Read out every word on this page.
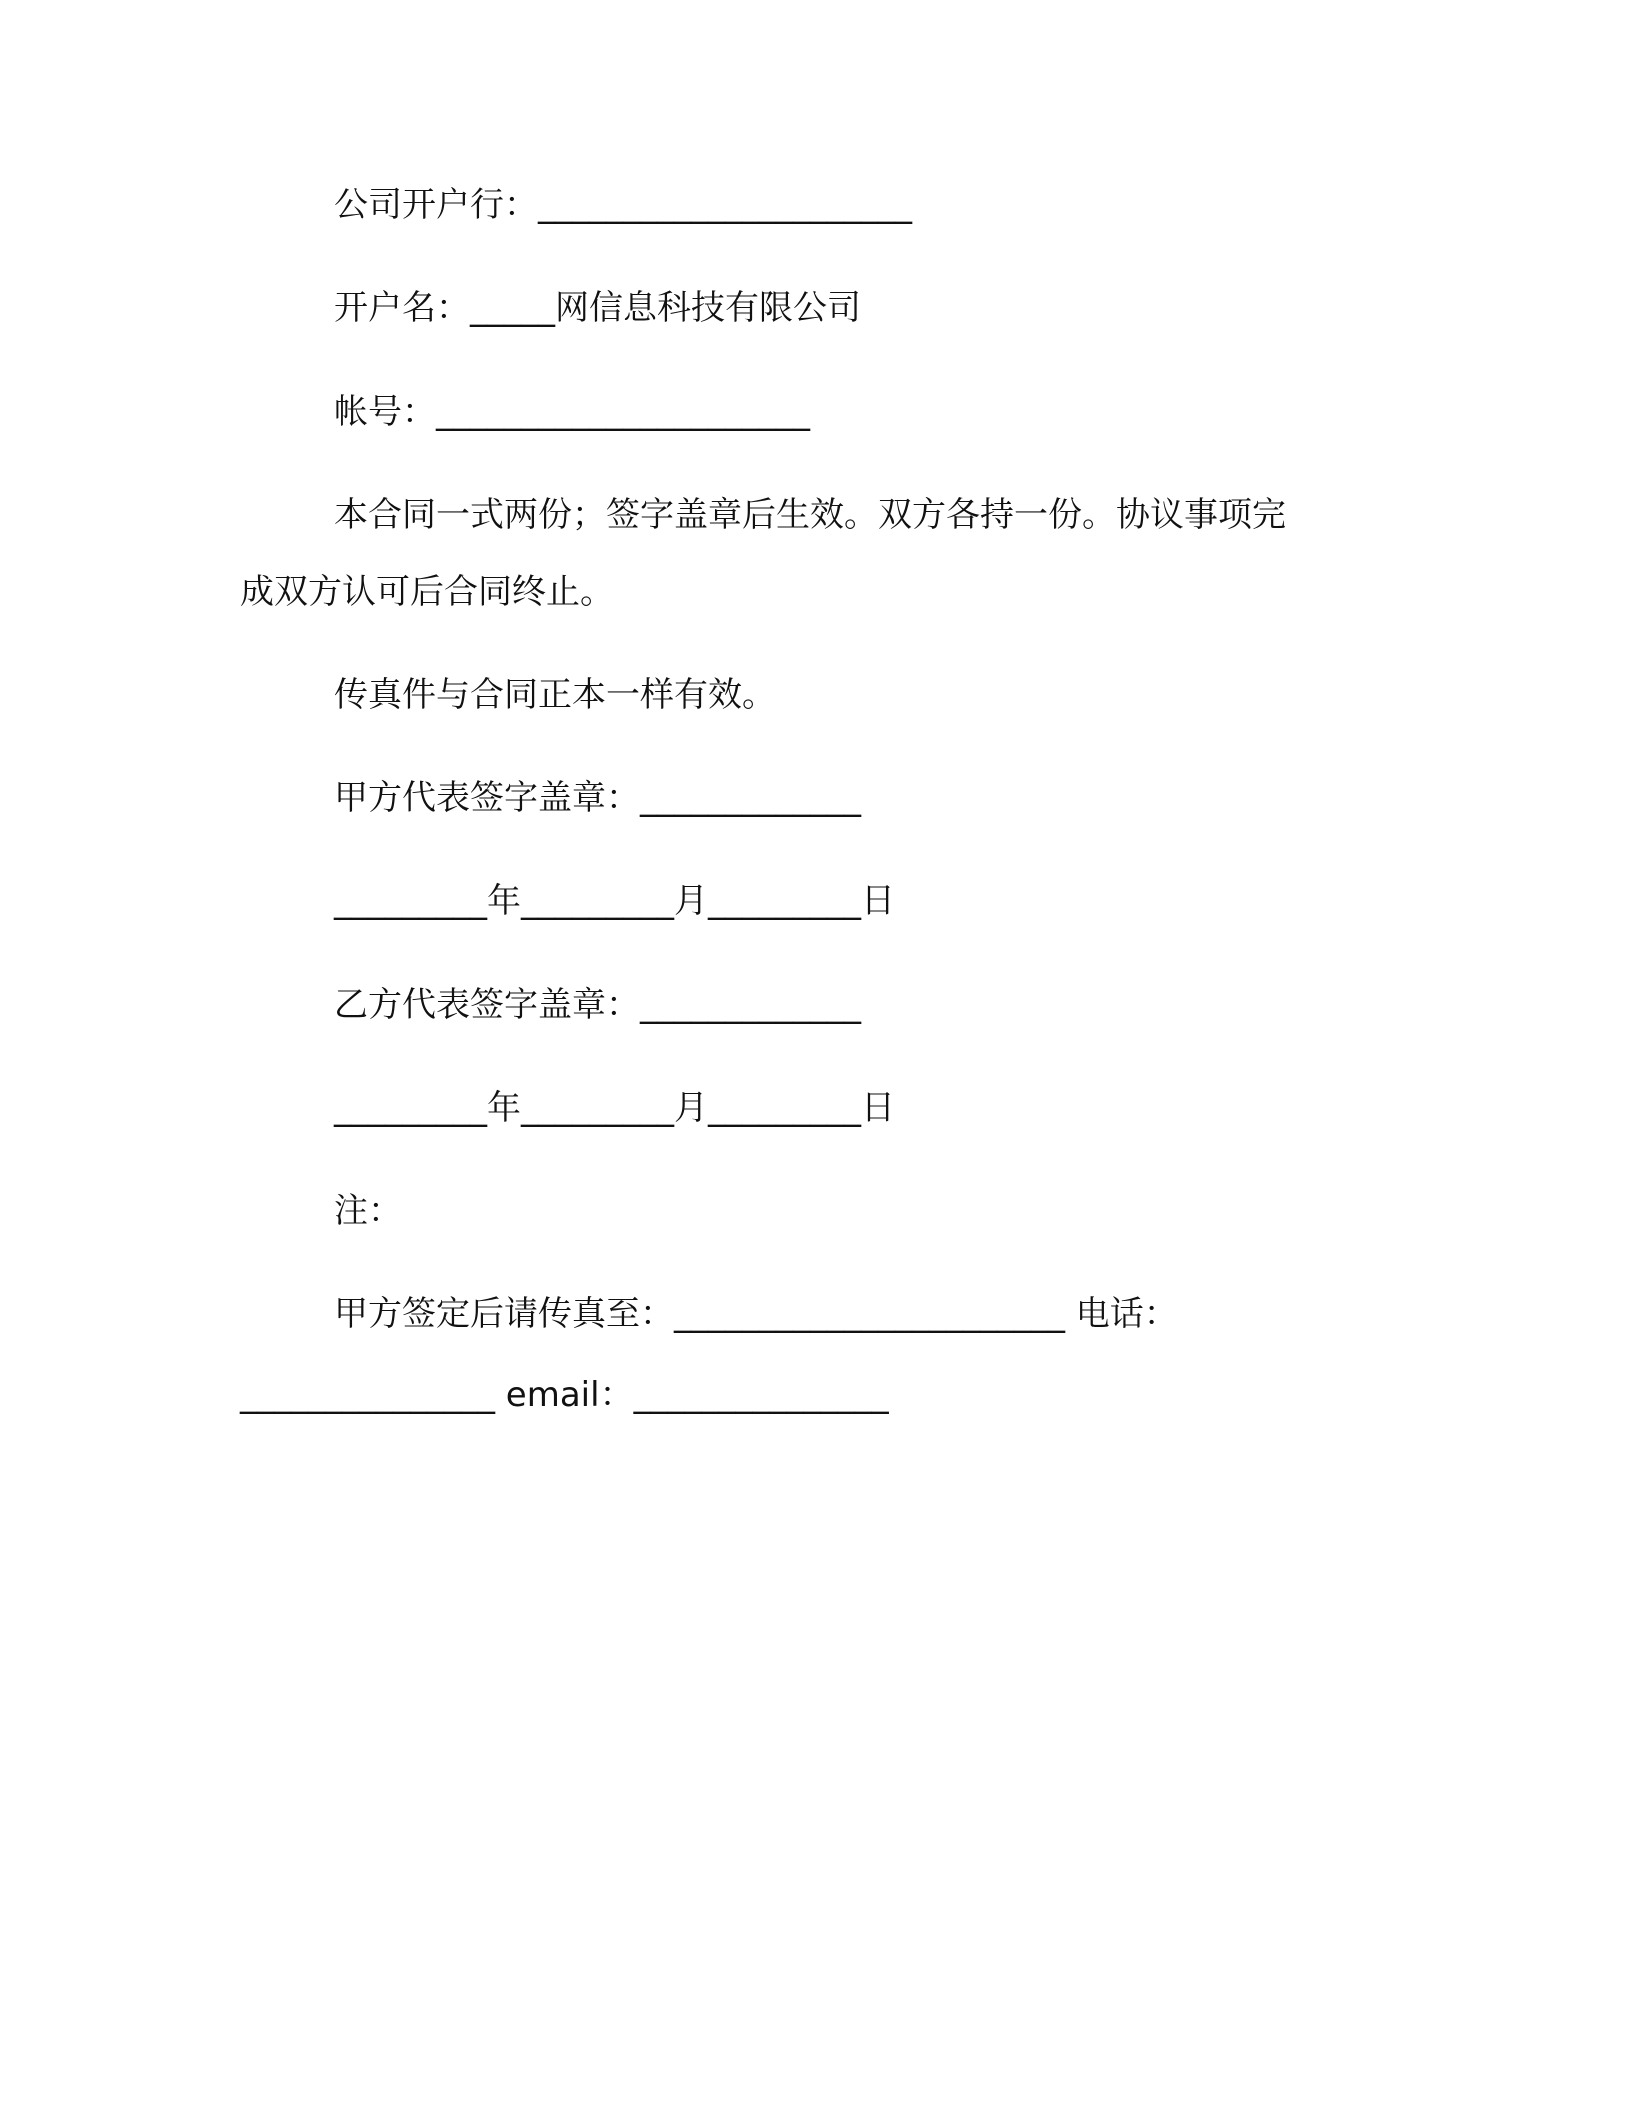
公司开户行：______________________
开户名：_____网信息科技有限公司
帐号：______________________
本合同一式两份；签字盖章后生效。双方各持一份。协议事项完
成双方认可后合同终止。
传真件与合同正本一样有效。
甲方代表签字盖章：_____________
_________年_________月_________日
乙方代表签字盖章：_____________
_________年_________月_________日
注：
甲方签定后请传真至：_______________________ 电话：
_______________ email：_______________
